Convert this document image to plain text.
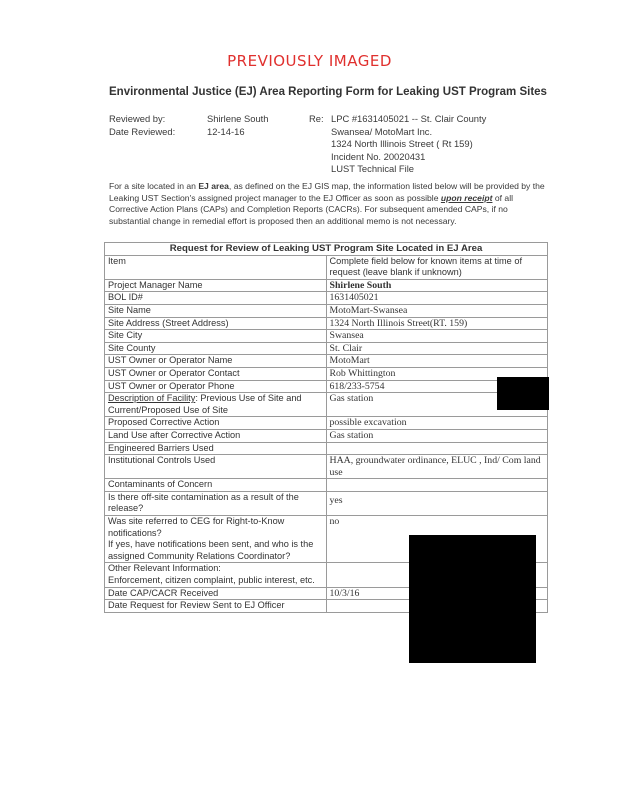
PREVIOUSLY IMAGED
Environmental Justice (EJ) Area Reporting Form for Leaking UST Program Sites
Reviewed by:	Shirlene South
Date Reviewed:	12-14-16
Re: LPC #1631405021 -- St. Clair County
Swansea/ MotoMart Inc.
1324 North Illinois Street ( Rt 159)
Incident No. 20020431
LUST Technical File
For a site located in an EJ area, as defined on the EJ GIS map, the information listed below will be provided by the Leaking UST Section's assigned project manager to the EJ Officer as soon as possible upon receipt of all Corrective Action Plans (CAPs) and Completion Reports (CACRs). For subsequent amended CAPs, if no substantial change in remedial effort is proposed then an additional memo is not necessary.
Request for Review of Leaking UST Program Site Located in EJ Area	
Item	Complete field below for known items at time of request (leave blank if unknown)
Project Manager Name	Shirlene South
BOL ID#	1631405021
Site Name	MotoMart-Swansea
Site Address (Street Address)	1324 North Illinois Street(RT. 159)
Site City	Swansea
Site County	St. Clair
UST Owner or Operator Name	MotoMart
UST Owner or Operator Contact	Rob Whittington
UST Owner or Operator Phone	618/233-5754
Description of Facility: Previous Use of Site and Current/Proposed Use of Site	Gas station
Proposed Corrective Action	possible excavation
Land Use after Corrective Action	Gas station
Engineered Barriers Used	
Institutional Controls Used	HAA, groundwater ordinance, ELUC , Ind/ Com land use
Contaminants of Concern	
Is there off-site contamination as a result of the release?	yes

Was site referred to CEG for Right-to-Know notifications?
If yes, have notifications been sent, and who is the assigned Community Relations Coordinator?	no

Other Relevant Information:
Enforcement, citizen complaint, public interest, etc.	

Date CAP/CACR Received	10/3/16
Date Request for Review Sent to EJ Officer	
